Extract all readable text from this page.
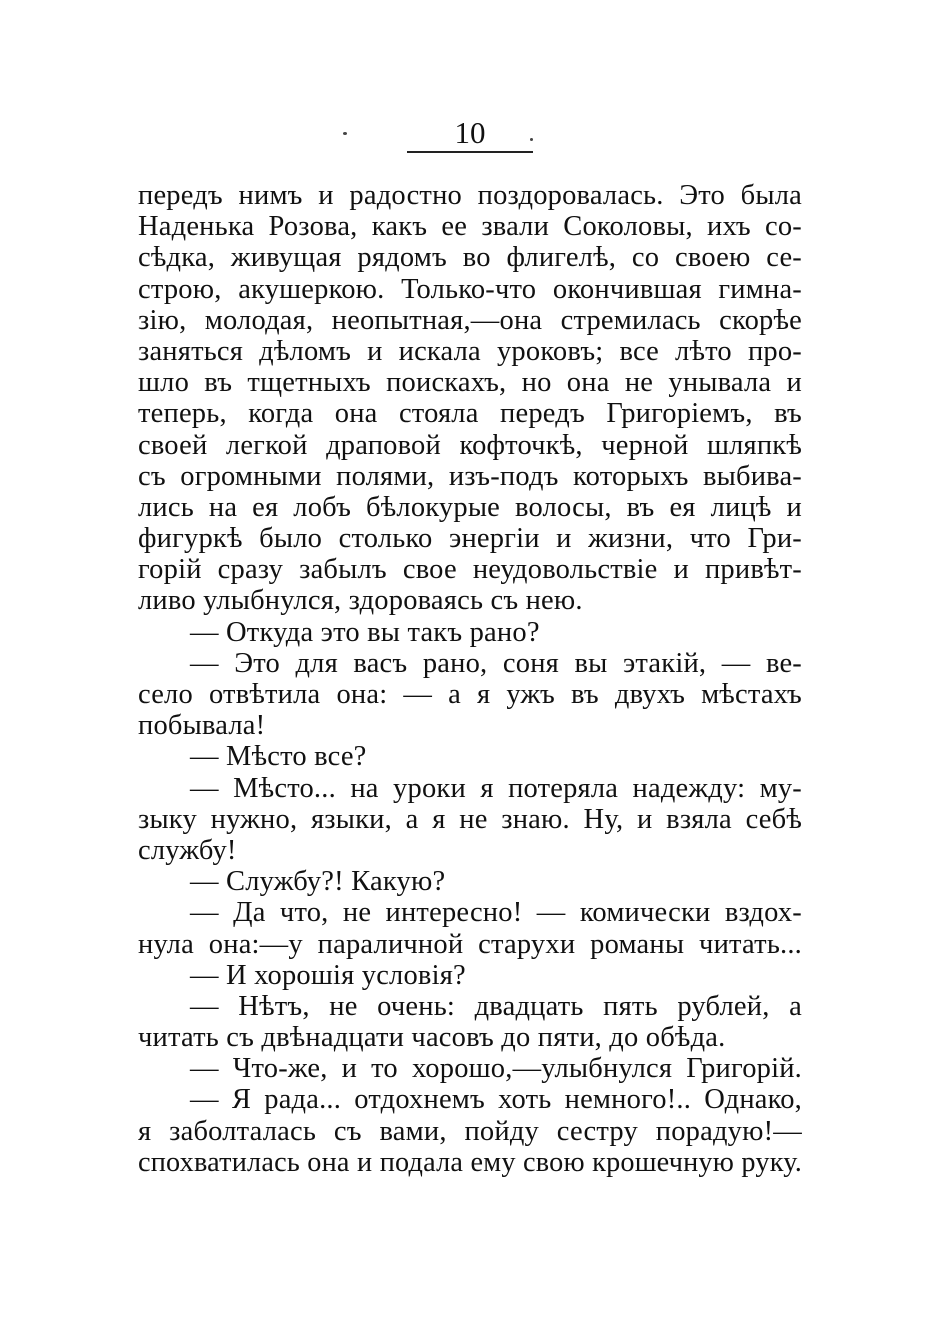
10
передъ нимъ и радостно поздоровалась. Это была
Наденька Розова, какъ ее звали Соколовы, ихъ со-
сѣдка, живущая рядомъ во флигелѣ, со своею се-
строю, акушеркою. Только-что окончившая гимна-
зію, молодая, неопытная,—она стремилась скорѣе
заняться дѣломъ и искала уроковъ; все лѣто про-
шло въ тщетныхъ поискахъ, но она не унывала и
теперь, когда она стояла передъ Григоріемъ, въ
своей легкой драповой кофточкѣ, черной шляпкѣ
съ огромными полями, изъ-подъ которыхъ выбива-
лись на ея лобъ бѣлокурые волосы, въ ея лицѣ и
фигуркѣ было столько энергіи и жизни, что Гри-
горій сразу забылъ свое неудовольствіе и привѣт-
ливо улыбнулся, здороваясь съ нею.
— Откуда это вы такъ рано?
— Это для васъ рано, соня вы этакій, — ве-
село отвѣтила она: — а я ужъ въ двухъ мѣстахъ
побывала!
— Мѣсто все?
— Мѣсто... на уроки я потеряла надежду: му-
зыку нужно, языки, а я не знаю. Ну, и взяла себѣ
службу!
— Службу?! Какую?
— Да что, не интересно! — комически вздох-
нула она:—у параличной старухи романы читать...
— И хорошія условія?
— Нѣтъ, не очень: двадцать пять рублей, а
читать съ двѣнадцати часовъ до пяти, до обѣда.
— Что-же, и то хорошо,—улыбнулся Григорій.
— Я рада... отдохнемъ хоть немного!.. Однако,
я заболталась съ вами, пойду сестру порадую!—
спохватилась она и подала ему свою крошечную руку.
